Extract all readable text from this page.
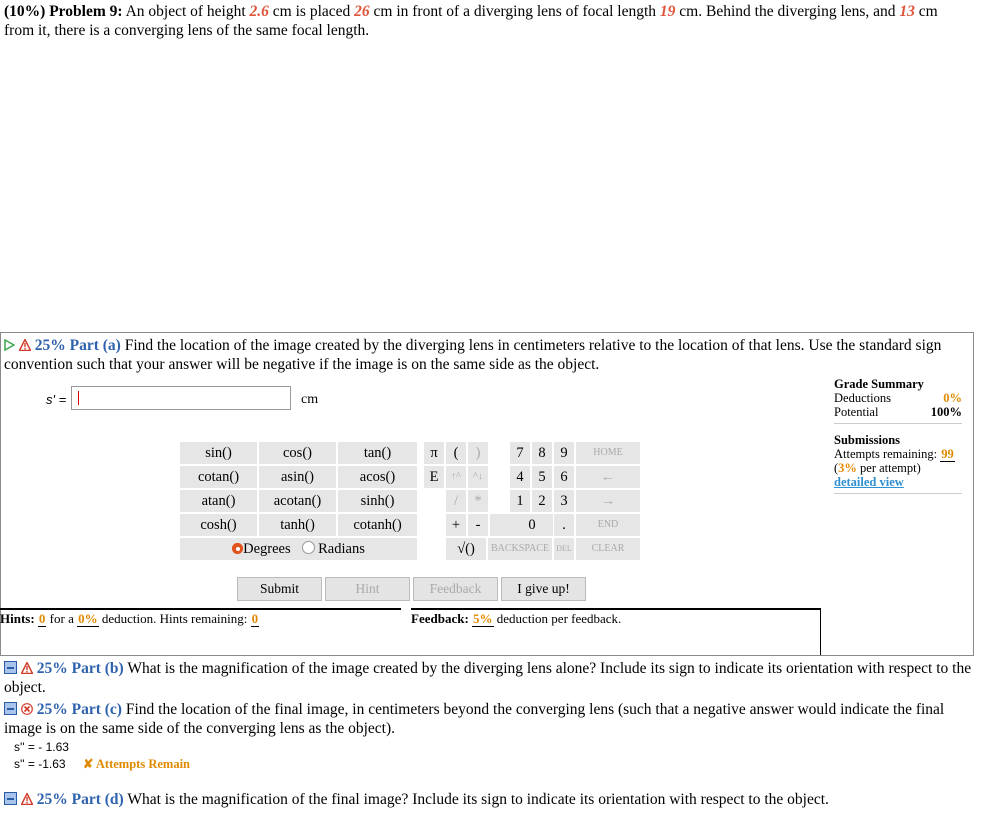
(10%) Problem 9: An object of height 2.6 cm is placed 26 cm in front of a diverging lens of focal length 19 cm. Behind the diverging lens, and 13 cm from it, there is a converging lens of the same focal length.
25% Part (a) Find the location of the image created by the diverging lens in centimeters relative to the location of that lens. Use the standard sign convention such that your answer will be negative if the image is on the same side as the object.
s' =	cm
Grade Summary
Deductions	0%
Potential	100%
Submissions
Attempts remaining: 99
(3% per attempt)
detailed view
sin()	cos()	tan()
cotan()	asin()	acos()
atan()	acotan()	sinh()
cosh()	tanh()	cotanh()
Degrees Radians
π	(	)	7	8	9	HOME
E	↑^	^↓	4	5	6	←
/	*	1	2	3	→
+	-	0	.	END
√()	BACKSPACE DEL	CLEAR
Submit	Hint	Feedback	I give up!
Hints: 0 for a 0% deduction. Hints remaining: 0	Feedback: 5% deduction per feedback.
25% Part (b) What is the magnification of the image created by the diverging lens alone? Include its sign to indicate its orientation with respect to the object.
25% Part (c) Find the location of the final image, in centimeters beyond the converging lens (such that a negative answer would indicate the final image is on the same side of the converging lens as the object).
s'' = - 1.63
s'' = -1.63 ✘ Attempts Remain
25% Part (d) What is the magnification of the final image? Include its sign to indicate its orientation with respect to the object.
